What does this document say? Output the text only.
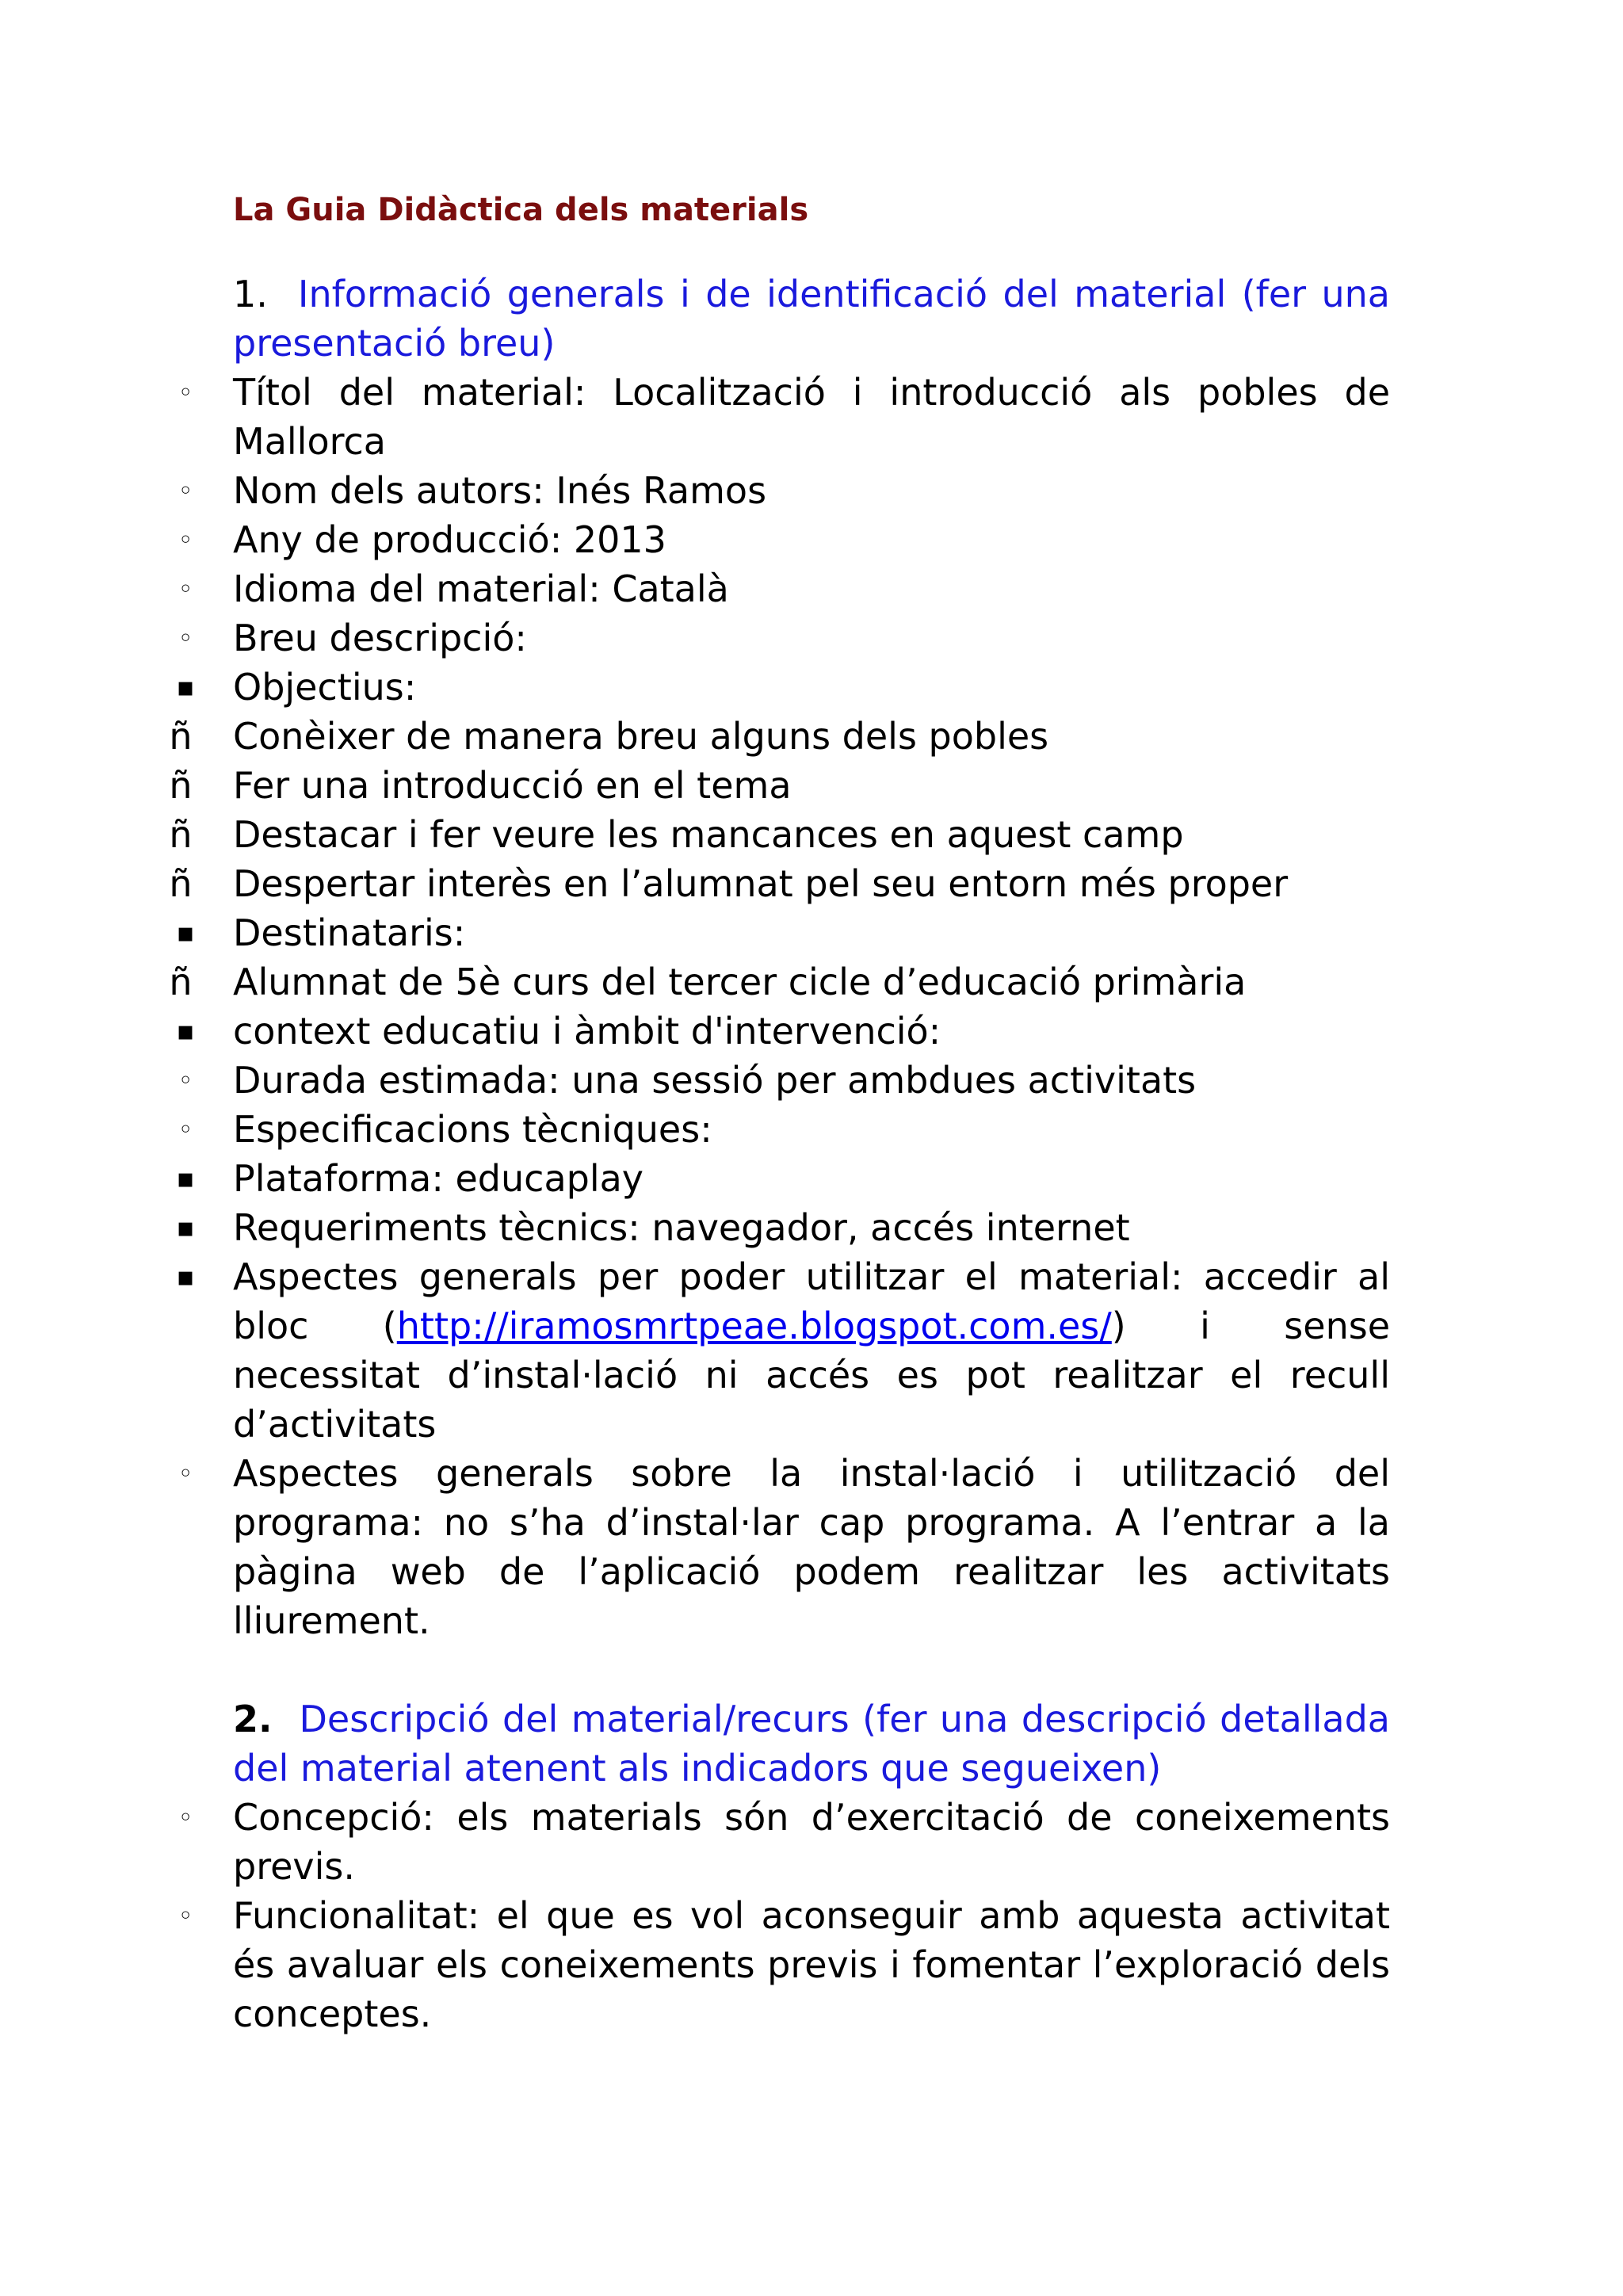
La Guia Didàctica dels materials
1. Informació generals i de identificació del material (fer una presentació breu)
◦	Títol del material: Localització i introducció als pobles de Mallorca
◦	Nom dels autors: Inés Ramos
◦	Any de producció: 2013
◦	Idioma del material: Català
◦	Breu descripció:
▪	Objectius:
ñ	Conèixer de manera breu alguns dels pobles
ñ	Fer una introducció en el tema
ñ	Destacar i fer veure les mancances en aquest camp
ñ	Despertar interès en l’alumnat pel seu entorn més proper
▪	Destinataris:
ñ	Alumnat de 5è curs del tercer cicle d’educació primària
▪	context educatiu i àmbit d'intervenció:
◦	Durada estimada: una sessió per ambdues activitats
◦	Especificacions tècniques:
▪	Plataforma: educaplay
▪	Requeriments tècnics: navegador, accés internet
▪	Aspectes generals per poder utilitzar el material: accedir al bloc (http://iramosmrtpeae.blogspot.com.es/) i sense necessitat d’instal·lació ni accés es pot realitzar el recull d’activitats
◦	Aspectes generals sobre la instal·lació i utilització del programa: no s’ha d’instal·lar cap programa. A l’entrar a la pàgina web de l’aplicació podem realitzar les activitats lliurement.
2. Descripció del material/recurs (fer una descripció detallada del material atenent als indicadors que segueixen)
◦	Concepció: els materials són d’exercitació de coneixements previs.
◦	Funcionalitat: el que es vol aconseguir amb aquesta activitat és avaluar els coneixements previs i fomentar l’exploració dels conceptes.
